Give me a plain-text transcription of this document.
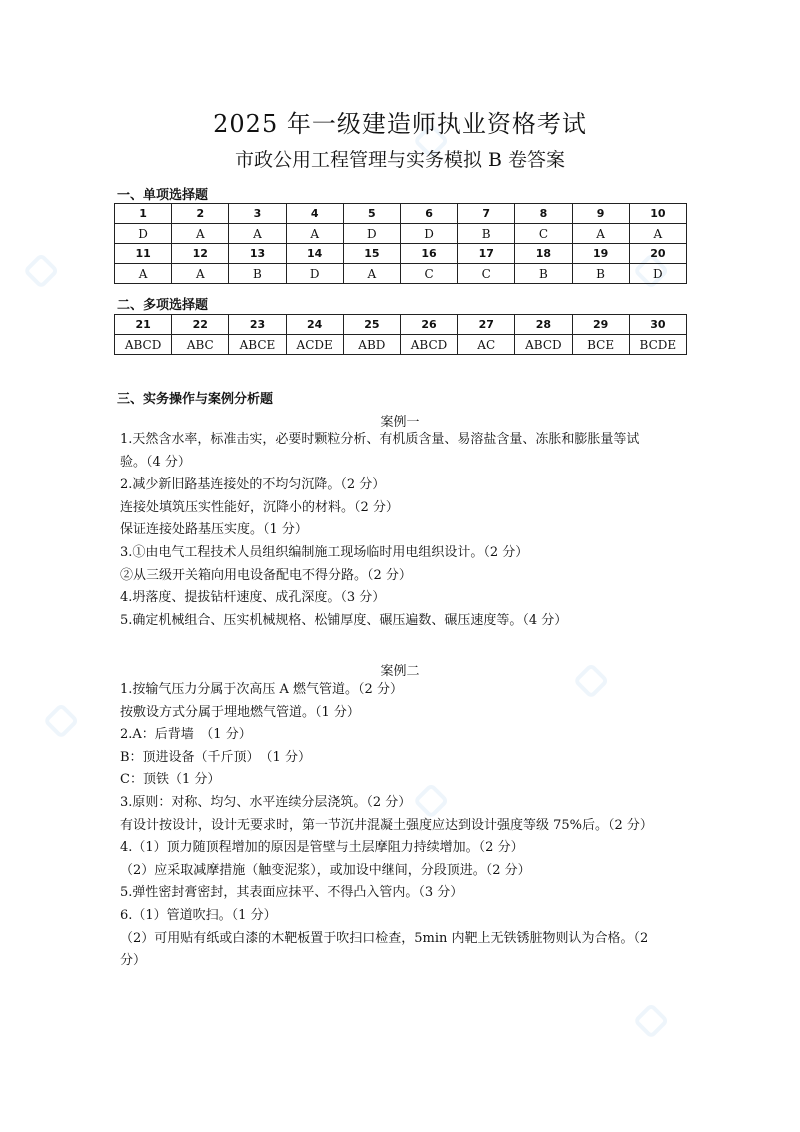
2025 年一级建造师执业资格考试
市政公用工程管理与实务模拟 B 卷答案
一、单项选择题
1	2	3	4	5	6	7	8	9	10
D	A	A	A	D	D	B	C	A	A
11	12	13	14	15	16	17	18	19	20
A	A	B	D	A	C	C	B	B	D
二、多项选择题
21	22	23	24	25	26	27	28	29	30
ABCD	ABC	ABCE	ACDE	ABD	ABCD	AC	ABCD	BCE	BCDE
三、实务操作与案例分析题
案例一
1.天然含水率，标准击实，必要时颗粒分析、有机质含量、易溶盐含量、冻胀和膨胀量等试
验。（4 分）
2.减少新旧路基连接处的不均匀沉降。（2 分）
连接处填筑压实性能好，沉降小的材料。（2 分）
保证连接处路基压实度。（1 分）
3.①由电气工程技术人员组织编制施工现场临时用电组织设计。（2 分）
②从三级开关箱向用电设备配电不得分路。（2 分）
4.坍落度、提拔钻杆速度、成孔深度。（3 分）
5.确定机械组合、压实机械规格、松铺厚度、碾压遍数、碾压速度等。（4 分）
案例二
1.按输气压力分属于次高压 A 燃气管道。（2 分）
按敷设方式分属于埋地燃气管道。（1 分）
2.A：后背墙　（1 分）
B：顶进设备（千斤顶）　（1 分）
C：顶铁（1 分）
3.原则：对称、均匀、水平连续分层浇筑。（2 分）
有设计按设计，设计无要求时，第一节沉井混凝土强度应达到设计强度等级 75%后。（2 分）
4.（1）顶力随顶程增加的原因是管壁与土层摩阻力持续增加。（2 分）
（2）应采取减摩措施（触变泥浆），或加设中继间，分段顶进。（2 分）
5.弹性密封膏密封，其表面应抹平、不得凸入管内。（3 分）
6.（1）管道吹扫。（1 分）
（2）可用贴有纸或白漆的木靶板置于吹扫口检查，5min 内靶上无铁锈脏物则认为合格。（2
分）
